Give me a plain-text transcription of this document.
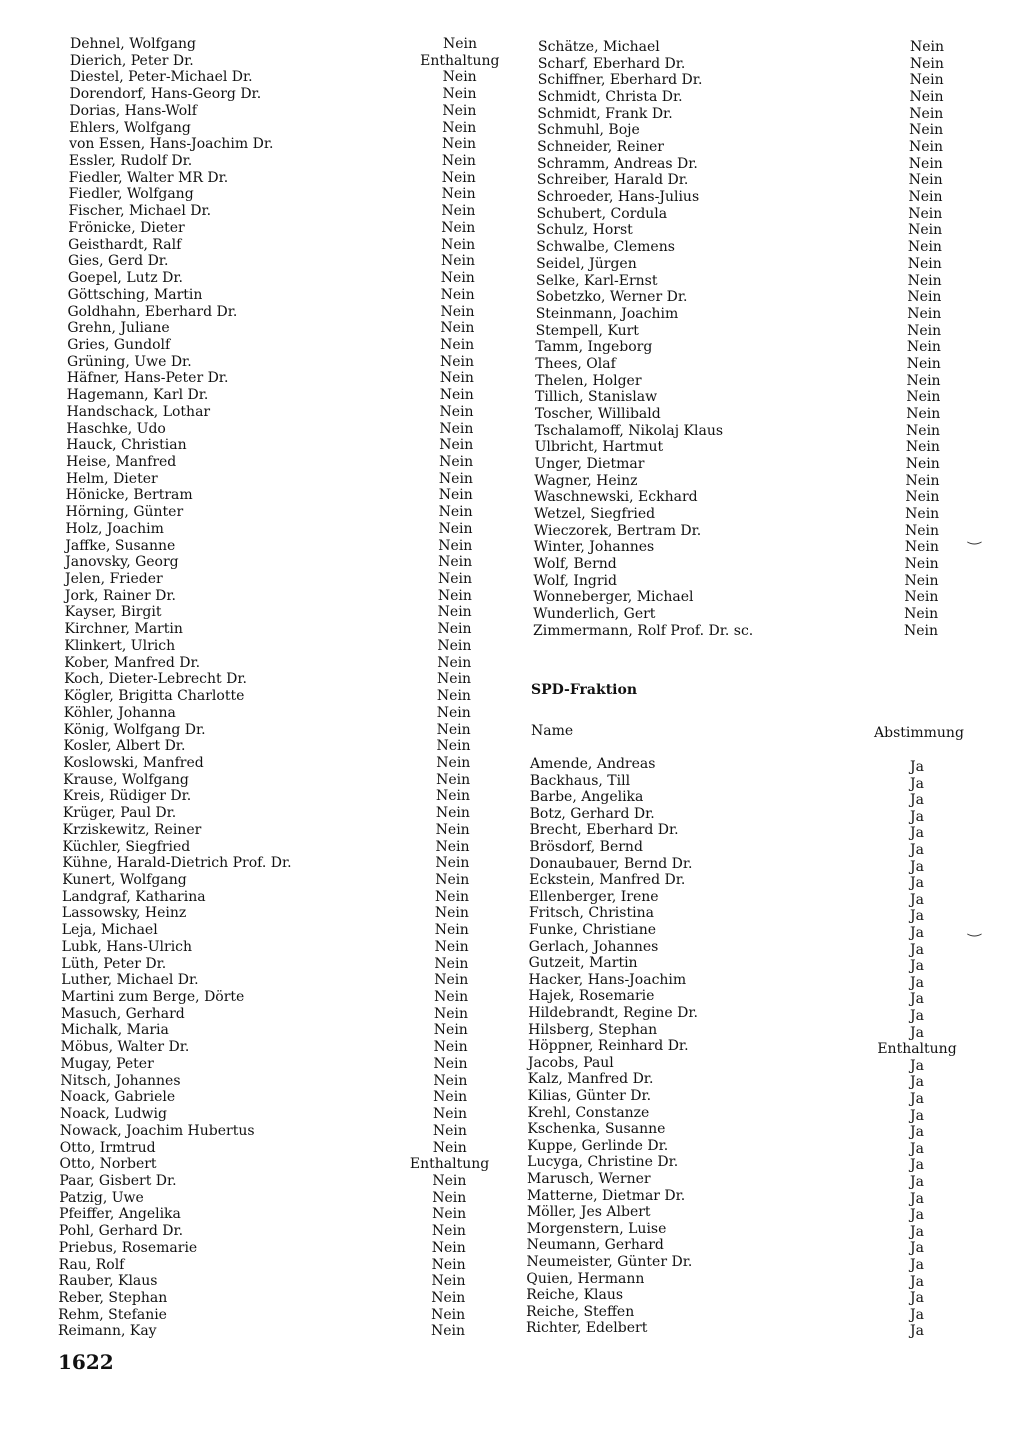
Dehnel, Wolfgang	Nein
Dierich, Peter Dr.	Enthaltung
Diestel, Peter-Michael Dr.	Nein
Dorendorf, Hans-Georg Dr.	Nein
Dorias, Hans-Wolf	Nein
Ehlers, Wolfgang	Nein
von Essen, Hans-Joachim Dr.	Nein
Essler, Rudolf Dr.	Nein
Fiedler, Walter MR Dr.	Nein
Fiedler, Wolfgang	Nein
Fischer, Michael Dr.	Nein
Frönicke, Dieter	Nein
Geisthardt, Ralf	Nein
Gies, Gerd Dr.	Nein
Goepel, Lutz Dr.	Nein
Göttsching, Martin	Nein
Goldhahn, Eberhard Dr.	Nein
Grehn, Juliane	Nein
Gries, Gundolf	Nein
Grüning, Uwe Dr.	Nein
Häfner, Hans-Peter Dr.	Nein
Hagemann, Karl Dr.	Nein
Handschack, Lothar	Nein
Haschke, Udo	Nein
Hauck, Christian	Nein
Heise, Manfred	Nein
Helm, Dieter	Nein
Hönicke, Bertram	Nein
Hörning, Günter	Nein
Holz, Joachim	Nein
Jaffke, Susanne	Nein
Janovsky, Georg	Nein
Jelen, Frieder	Nein
Jork, Rainer Dr.	Nein
Kayser, Birgit	Nein
Kirchner, Martin	Nein
Klinkert, Ulrich	Nein
Kober, Manfred Dr.	Nein
Koch, Dieter-Lebrecht Dr.	Nein
Kögler, Brigitta Charlotte	Nein
Köhler, Johanna	Nein
König, Wolfgang Dr.	Nein
Kosler, Albert Dr.	Nein
Koslowski, Manfred	Nein
Krause, Wolfgang	Nein
Kreis, Rüdiger Dr.	Nein
Krüger, Paul Dr.	Nein
Krziskewitz, Reiner	Nein
Küchler, Siegfried	Nein
Kühne, Harald-Dietrich Prof. Dr.	Nein
Kunert, Wolfgang	Nein
Landgraf, Katharina	Nein
Lassowsky, Heinz	Nein
Leja, Michael	Nein
Lubk, Hans-Ulrich	Nein
Lüth, Peter Dr.	Nein
Luther, Michael Dr.	Nein
Martini zum Berge, Dörte	Nein
Masuch, Gerhard	Nein
Michalk, Maria	Nein
Möbus, Walter Dr.	Nein
Mugay, Peter	Nein
Nitsch, Johannes	Nein
Noack, Gabriele	Nein
Noack, Ludwig	Nein
Nowack, Joachim Hubertus	Nein
Otto, Irmtrud	Nein
Otto, Norbert	Enthaltung
Paar, Gisbert Dr.	Nein
Patzig, Uwe	Nein
Pfeiffer, Angelika	Nein
Pohl, Gerhard Dr.	Nein
Priebus, Rosemarie	Nein
Rau, Rolf	Nein
Rauber, Klaus	Nein
Reber, Stephan	Nein
Rehm, Stefanie	Nein
Reimann, Kay	Nein
Schätze, Michael	Nein
Scharf, Eberhard Dr.	Nein
Schiffner, Eberhard Dr.	Nein
Schmidt, Christa Dr.	Nein
Schmidt, Frank Dr.	Nein
Schmuhl, Boje	Nein
Schneider, Reiner	Nein
Schramm, Andreas Dr.	Nein
Schreiber, Harald Dr.	Nein
Schroeder, Hans-Julius	Nein
Schubert, Cordula	Nein
Schulz, Horst	Nein
Schwalbe, Clemens	Nein
Seidel, Jürgen	Nein
Selke, Karl-Ernst	Nein
Sobetzko, Werner Dr.	Nein
Steinmann, Joachim	Nein
Stempell, Kurt	Nein
Tamm, Ingeborg	Nein
Thees, Olaf	Nein
Thelen, Holger	Nein
Tillich, Stanislaw	Nein
Toscher, Willibald	Nein
Tschalamoff, Nikolaj Klaus	Nein
Ulbricht, Hartmut	Nein
Unger, Dietmar	Nein
Wagner, Heinz	Nein
Waschnewski, Eckhard	Nein
Wetzel, Siegfried	Nein
Wieczorek, Bertram Dr.	Nein
Winter, Johannes	Nein
Wolf, Bernd	Nein
Wolf, Ingrid	Nein
Wonneberger, Michael	Nein
Wunderlich, Gert	Nein
Zimmermann, Rolf Prof. Dr. sc.	Nein
SPD-Fraktion
Name	Abstimmung
Amende, Andreas	Ja
Backhaus, Till	Ja
Barbe, Angelika	Ja
Botz, Gerhard Dr.	Ja
Brecht, Eberhard Dr.	Ja
Brösdorf, Bernd	Ja
Donaubauer, Bernd Dr.	Ja
Eckstein, Manfred Dr.	Ja
Ellenberger, Irene	Ja
Fritsch, Christina	Ja
Funke, Christiane	Ja
Gerlach, Johannes	Ja
Gutzeit, Martin	Ja
Hacker, Hans-Joachim	Ja
Hajek, Rosemarie	Ja
Hildebrandt, Regine Dr.	Ja
Hilsberg, Stephan	Ja
Höppner, Reinhard Dr.	Enthaltung
Jacobs, Paul	Ja
Kalz, Manfred Dr.	Ja
Kilias, Günter Dr.	Ja
Krehl, Constanze	Ja
Kschenka, Susanne	Ja
Kuppe, Gerlinde Dr.	Ja
Lucyga, Christine Dr.	Ja
Marusch, Werner	Ja
Matterne, Dietmar Dr.	Ja
Möller, Jes Albert	Ja
Morgenstern, Luise	Ja
Neumann, Gerhard	Ja
Neumeister, Günter Dr.	Ja
Quien, Hermann	Ja
Reiche, Klaus	Ja
Reiche, Steffen	Ja
Richter, Edelbert	Ja
1622
‿
‿
